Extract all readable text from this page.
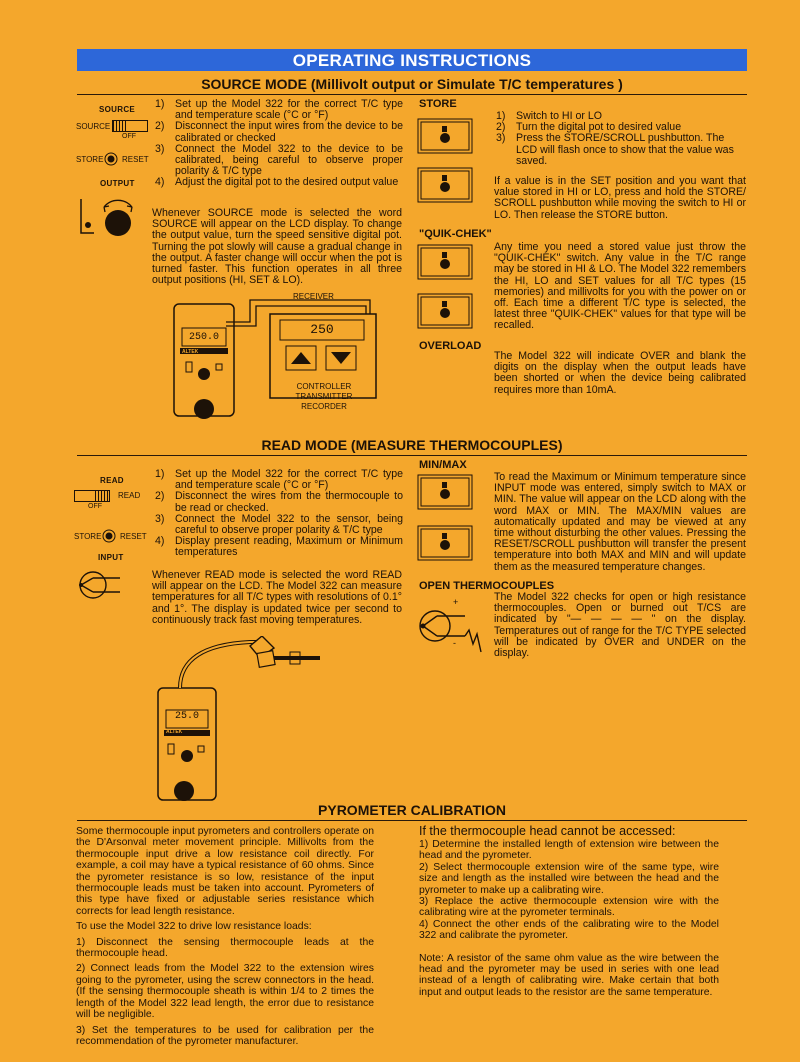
OPERATING INSTRUCTIONS
SOURCE MODE (Millivolt output or Simulate T/C temperatures )
SOURCE
SOURCE
OFF
STORE RESET
OUTPUT
1) Set up the Model 322 for the correct T/C type and temperature scale (°C or °F)
2) Disconnect the input wires from the device to be calibrated or checked
3) Connect the Model 322 to the device to be calibrated, being careful to observe proper polarity & T/C type
4) Adjust the digital pot to the desired output value
Whenever SOURCE mode is selected the word SOURCE will appear on the LCD display. To change the output value, turn the speed sensitive digital pot. Turning the pot slowly will cause a gradual change in the output. A faster change will occur when the pot is turned faster. This function operates in all three output positions (HI, SET & LO).
250.0
ALTEK
RECEIVER
250
CONTROLLER
TRANSMITTER
RECORDER
STORE
1) Switch to HI or LO
2) Turn the digital pot to desired value
3) Press the STORE/SCROLL pushbutton. The LCD will flash once to show that the value was saved.
If a value is in the SET position and you want that value stored in HI or LO, press and hold the STORE/ SCROLL pushbutton while moving the switch to HI or LO. Then release the STORE button.
"QUIK-CHEK"
Any time you need a stored value just throw the "QUIK-CHEK" switch. Any value in the T/C range may be stored in HI & LO. The Model 322 remembers the HI, LO and SET values for all T/C types (15 memories) and millivolts for you with the power on or off. Each time a different T/C type is selected, the latest three "QUIK-CHEK" values for that type will be recalled.
OVERLOAD
The Model 322 will indicate OVER and blank the digits on the display when the output leads have been shorted or when the device being calibrated requires more than 10mA.
READ MODE (MEASURE THERMOCOUPLES)
READ
READ
OFF
STORE RESET
INPUT
1) Set up the Model 322 for the correct T/C type and temperature scale (°C or °F)
2) Disconnect the wires from the thermocouple to be read or checked.
3) Connect the Model 322 to the sensor, being careful to observe proper polarity & T/C type
4) Display present reading, Maximum or Minimum temperatures
Whenever READ mode is selected the word READ will appear on the LCD. The Model 322 can measure temperatures for all T/C types with resolutions of 0.1° and 1°. The display is updated twice per second to continuously track fast moving temperatures.
25.0
ALTEK
MIN/MAX
To read the Maximum or Minimum temperature since INPUT mode was entered, simply switch to MAX or MIN. The value will appear on the LCD along with the word MAX or MIN. The MAX/MIN values are automatically updated and may be viewed at any time without disturbing the other values. Pressing the RESET/SCROLL pushbutton will transfer the present temperature into both MAX and MIN and will update them as the measured temperature changes.
OPEN THERMOCOUPLES
+
-
The Model 322 checks for open or high resistance thermocouples. Open or burned out T/CS are indicated by "— — — — " on the display. Temperatures out of range for the T/C TYPE selected will be indicated by OVER and UNDER on the display.
PYROMETER CALIBRATION

Some thermocouple input pyrometers and controllers operate on the D'Arsonval meter movement principle. Millivolts from the thermocouple input drive a low resistance coil directly. For example, a coil may have a typical resistance of 60 ohms. Since the pyrometer resistance is so low, resistance of the input thermocouple leads must be taken into account. Pyrometers of this type have fixed or adjustable series resistance which corrects for lead length resistance.

To use the Model 322 to drive low resistance loads:

1) Disconnect the sensing thermocouple leads at the thermocouple head.

2) Connect leads from the Model 322 to the extension wires going to the pyrometer, using the screw connectors in the head. (If the sensing thermocouple sheath is within 1/4 to 2 times the length of the Model 322 lead length, the error due to resistance will be negligible.

3) Set the temperatures to be used for calibration per the recommendation of the pyrometer manufacturer.

If the thermocouple head cannot be accessed:
1) Determine the installed length of extension wire between the head and the pyrometer.
2) Select thermocouple extension wire of the same type, wire size and length as the installed wire between the head and the pyrometer to make up a calibrating wire.
3) Replace the active thermocouple extension wire with the calibrating wire at the pyrometer terminals.
4) Connect the other ends of the calibrating wire to the Model 322 and calibrate the pyrometer.
Note: A resistor of the same ohm value as the wire between the head and the pyrometer may be used in series with one lead instead of a length of calibrating wire. Make certain that both input and output leads to the resistor are the same temperature.
